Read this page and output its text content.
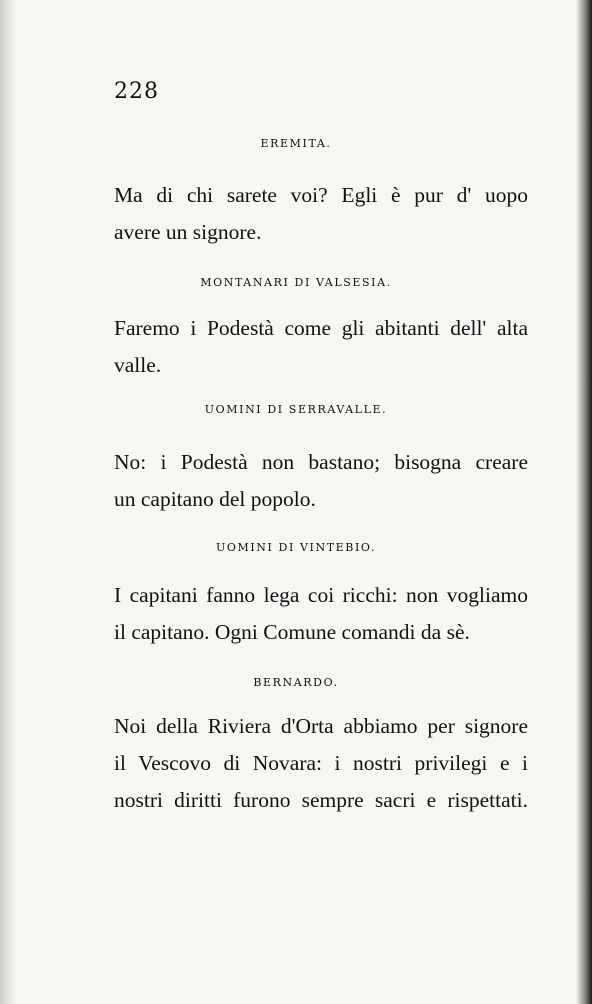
228
EREMITA.
Ma di chi sarete voi? Egli è pur d' uopo
avere un signore.
MONTANARI DI VALSESIA.
Faremo i Podestà come gli abitanti dell' alta
valle.
UOMINI DI SERRAVALLE.
No: i Podestà non bastano; bisogna creare
un capitano del popolo.
UOMINI DI VINTEBIO.
I capitani fanno lega coi ricchi: non vogliamo
il capitano. Ogni Comune comandi da sè.
BERNARDO.
Noi della Riviera d'Orta abbiamo per signore
il Vescovo di Novara: i nostri privilegi e i
nostri diritti furono sempre sacri e rispettati.
